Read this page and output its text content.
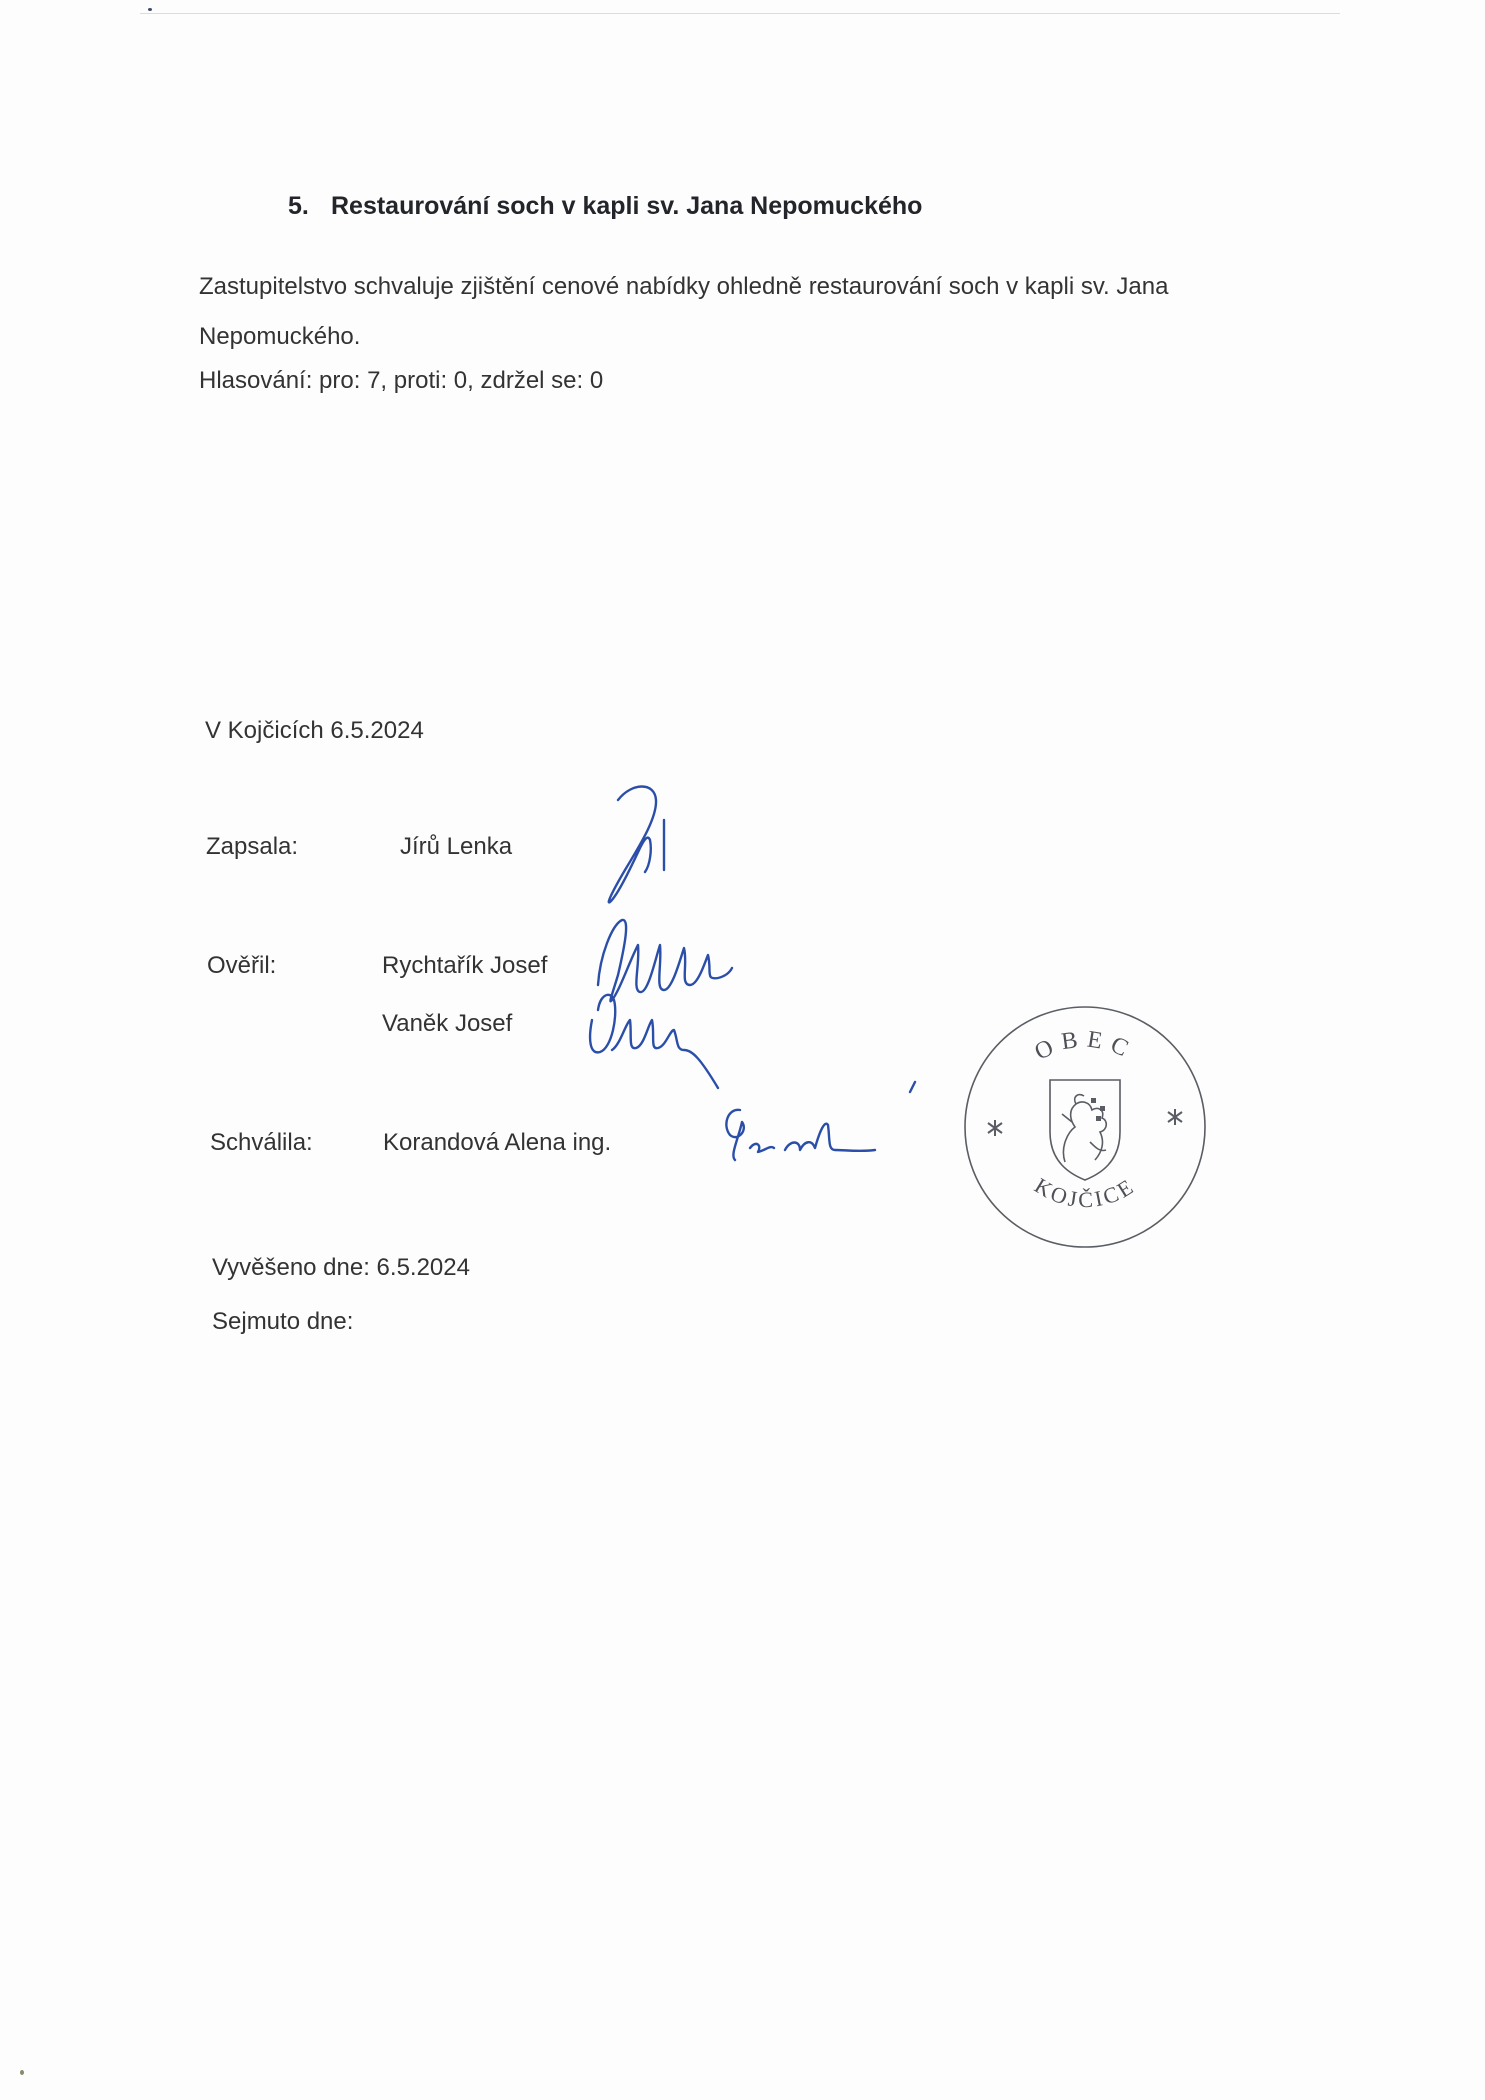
5. Restaurování soch v kapli sv. Jana Nepomuckého
Zastupitelstvo schvaluje zjištění cenové nabídky ohledně restaurování soch v kapli sv. Jana
Nepomuckého.
Hlasování: pro: 7, proti: 0, zdržel se: 0
V Kojčicích 6.5.2024
Zapsala:	Jírů Lenka
Ověřil:	Rychtařík Josef
Vaněk Josef
Schválila:	Korandová Alena ing.
Vyvěšeno dne: 6.5.2024
Sejmuto dne:
OBEC
KOJČICE
